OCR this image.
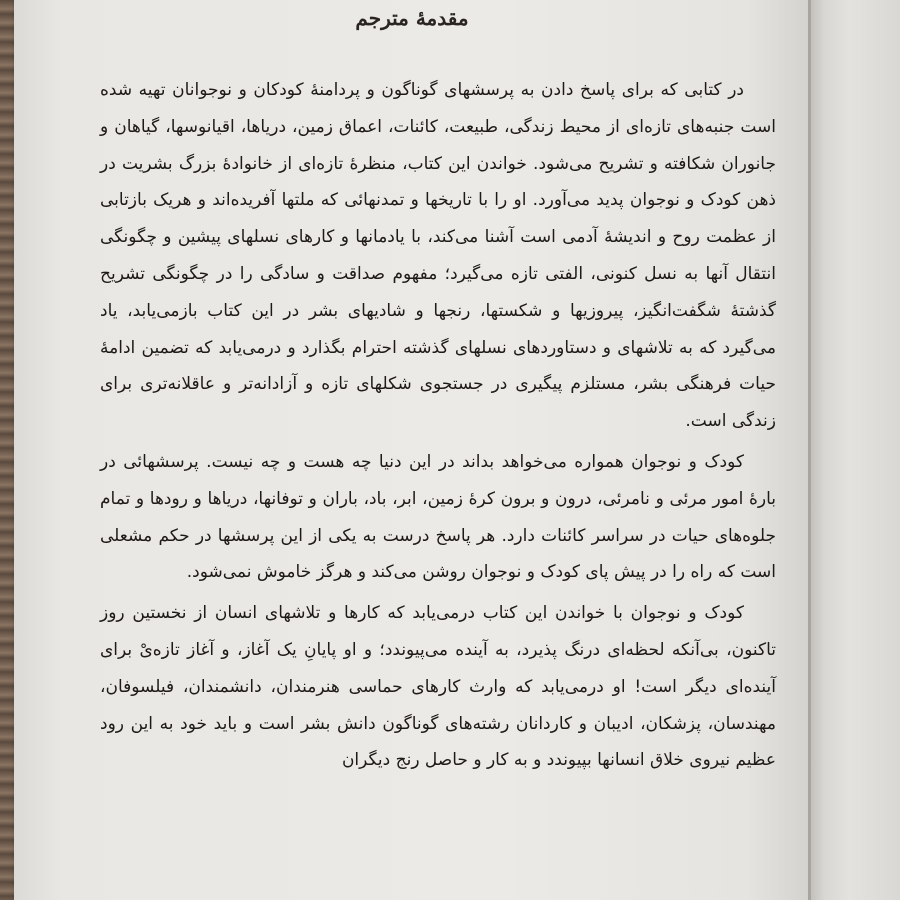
مقدمهٔ مترجم

در کتابی که برای پاسخ دادن به پرسشهای گوناگون و پردامنهٔ کودکان و نوجوانان تهیه شده است جنبه‌های تازه‌ای از محیط زندگی، طبیعت، کائنات، اعماق زمین، دریاها، اقیانوسها، گیاهان و جانوران شکافته و تشریح می‌شود. خواندن این کتاب، منظرهٔ تازه‌ای از خانوادهٔ بزرگ بشریت در ذهن کودک و نوجوان پدید می‌آورد. او را با تاریخها و تمدنهائی که ملتها آفریده‌اند و هریک بازتابی از عظمت روح و اندیشهٔ آدمی است آشنا می‌کند، با یادمانها و کارهای نسلهای پیشین و چگونگی انتقال آنها به نسل کنونی، الفتی تازه می‌گیرد؛ مفهوم صداقت و سادگی را در چگونگی تشریح گذشتهٔ شگفت‌انگیز، پیروزیها و شکستها، رنجها و شادیهای بشر در این کتاب بازمی‌یابد، یاد می‌گیرد که به تلاشهای و دستاوردهای نسلهای گذشته احترام بگذارد و درمی‌یابد که تضمین ادامهٔ حیات فرهنگی بشر، مستلزم پیگیری در جستجوی شکلهای تازه و آزادانه‌تر و عاقلانه‌تری برای زندگی است.

کودک و نوجوان همواره می‌خواهد بداند در این دنیا چه هست و چه نیست. پرسشهائی در بارهٔ امور مرئی و نامرئی، درون و برون کرهٔ زمین، ابر، باد، باران و توفانها، دریاها و رودها و تمام جلوه‌های حیات در سراسر کائنات دارد. هر پاسخ درست به یکی از این پرسشها در حکم مشعلی است که راه را در پیش پای کودک و نوجوان روشن می‌کند و هرگز خاموش نمی‌شود.

کودک و نوجوان با خواندن این کتاب درمی‌یابد که کارها و تلاشهای انسان از نخستین روز تاکنون، بی‌آنکه لحظه‌ای درنگ پذیرد، به آینده می‌پیوندد؛ و او پایانِ یک آغاز، و آغاز تازه‌یْ برای آینده‌ای دیگر است! او درمی‌یابد که وارث کارهای حماسی هنرمندان، دانشمندان، فیلسوفان، مهندسان، پزشکان، ادیبان و کاردانان رشته‌های گوناگون دانش بشر است و باید خود به این رود عظیم نیروی خلاق انسانها بپیوندد و به کار و حاصل رنج دیگران
